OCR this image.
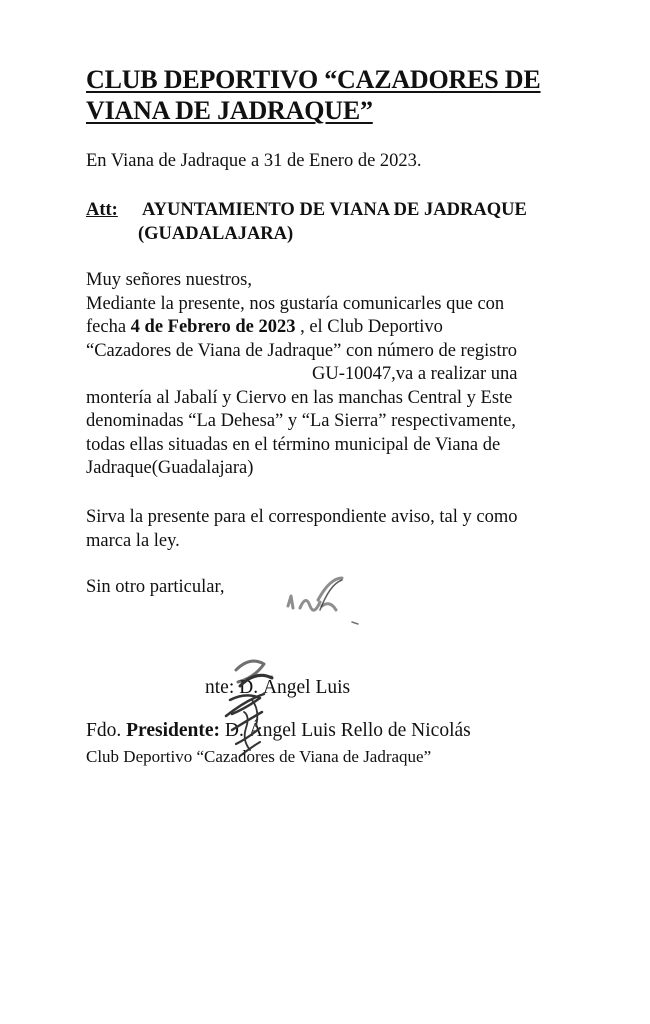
CLUB DEPORTIVO “CAZADORES DE
VIANA DE JADRAQUE”
En Viana de Jadraque a 31 de Enero de 2023.
Att: AYUNTAMIENTO DE VIANA DE JADRAQUE
(GUADALAJARA)
Muy señores nuestros,
Mediante la presente, nos gustaría comunicarles que con
fecha 4 de Febrero de 2023 , el Club Deportivo
“Cazadores de Viana de Jadraque” con número de registro
GU-10047,va a realizar una
montería al Jabalí y Ciervo en las manchas Central y Este
denominadas “La Dehesa” y “La Sierra” respectivamente,
todas ellas situadas en el término municipal de Viana de
Jadraque(Guadalajara)
Sirva la presente para el correspondiente aviso, tal y como
marca la ley.
Sin otro particular,
nte: D. Ángel Luis
Fdo. Presidente: D. Ángel Luis Rello de Nicolás
Club Deportivo “Cazadores de Viana de Jadraque”
